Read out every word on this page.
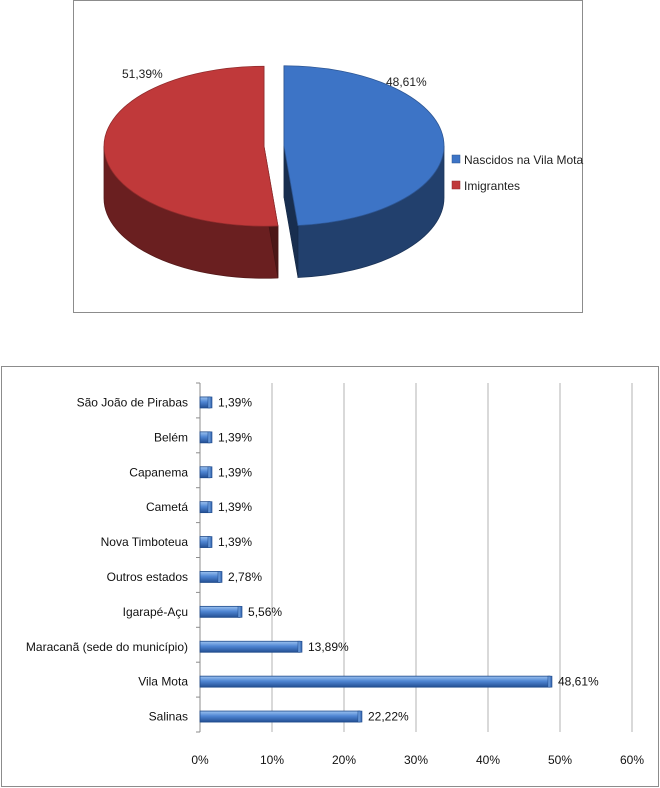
51,39%
48,61%
Nascidos na Vila Mota
Imigrantes
São João de Pirabas
Belém
Capanema
Cametá
Nova Timboteua
Outros estados
Igarapé-Açu
Maracanã (sede do município)
Vila Mota
Salinas
1,39%
1,39%
1,39%
1,39%
1,39%
2,78%
5,56%
13,89%
48,61%
22,22%
0%	10%	20%	30%	40%	50%	60%
